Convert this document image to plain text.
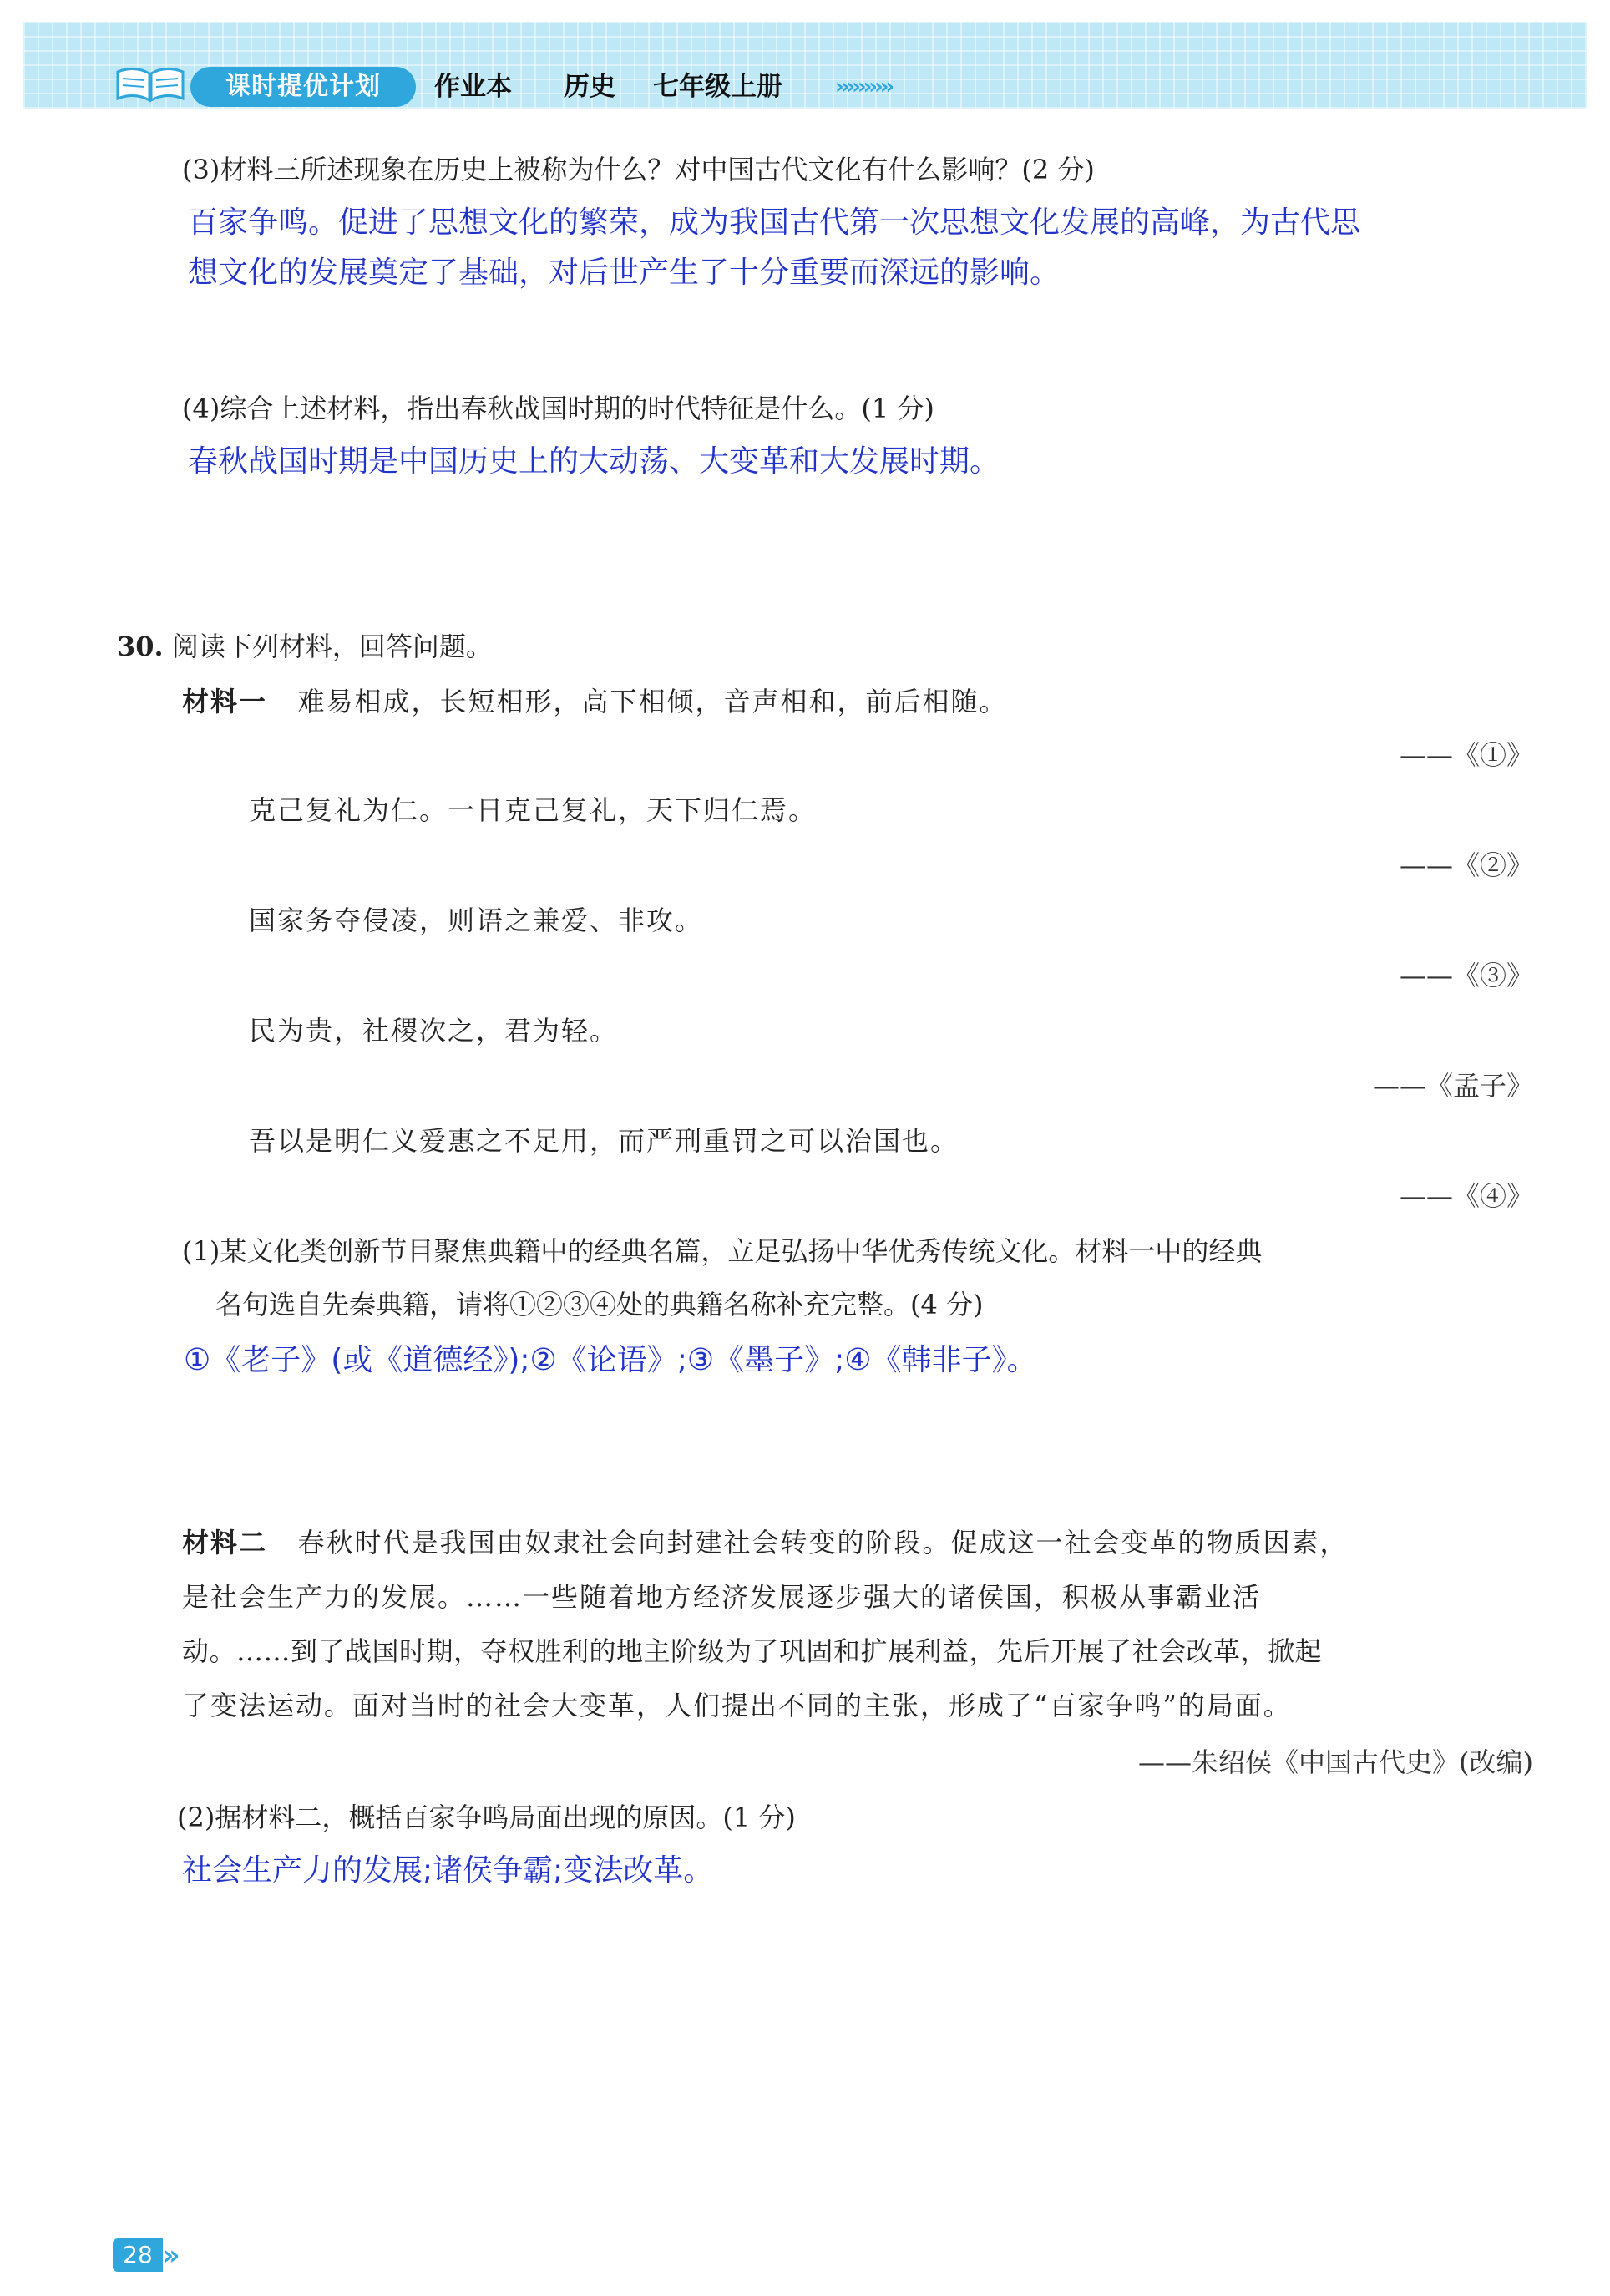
课时提优计划	作业本 历史 七年级上册 ››››››››››
(3)材料三所述现象在历史上被称为什么？对中国古代文化有什么影响？(2 分)
百家争鸣。促进了思想文化的繁荣，成为我国古代第一次思想文化发展的高峰，为古代思
想文化的发展奠定了基础，对后世产生了十分重要而深远的影响。
(4)综合上述材料，指出春秋战国时期的时代特征是什么。(1 分)
春秋战国时期是中国历史上的大动荡、大变革和大发展时期。
30. 阅读下列材料，回答问题。
材料一 难易相成，长短相形，高下相倾，音声相和，前后相随。
——《①》
克己复礼为仁。一日克己复礼，天下归仁焉。
——《②》
国家务夺侵凌，则语之兼爱、非攻。
——《③》
民为贵，社稷次之，君为轻。
——《孟子》
吾以是明仁义爱惠之不足用，而严刑重罚之可以治国也。
——《④》
(1)某文化类创新节目聚焦典籍中的经典名篇，立足弘扬中华优秀传统文化。材料一中的经典
名句选自先秦典籍，请将①②③④处的典籍名称补充完整。(4 分)
①《老子》(或《道德经》);②《论语》;③《墨子》;④《韩非子》。
材料二 春秋时代是我国由奴隶社会向封建社会转变的阶段。促成这一社会变革的物质因素，
是社会生产力的发展。……一些随着地方经济发展逐步强大的诸侯国，积极从事霸业活
动。……到了战国时期，夺权胜利的地主阶级为了巩固和扩展利益，先后开展了社会改革，掀起
了变法运动。面对当时的社会大变革，人们提出不同的主张，形成了“百家争鸣”的局面。
——朱绍侯《中国古代史》(改编)
(2)据材料二，概括百家争鸣局面出现的原因。(1 分)
社会生产力的发展;诸侯争霸;变法改革。
28 ››
